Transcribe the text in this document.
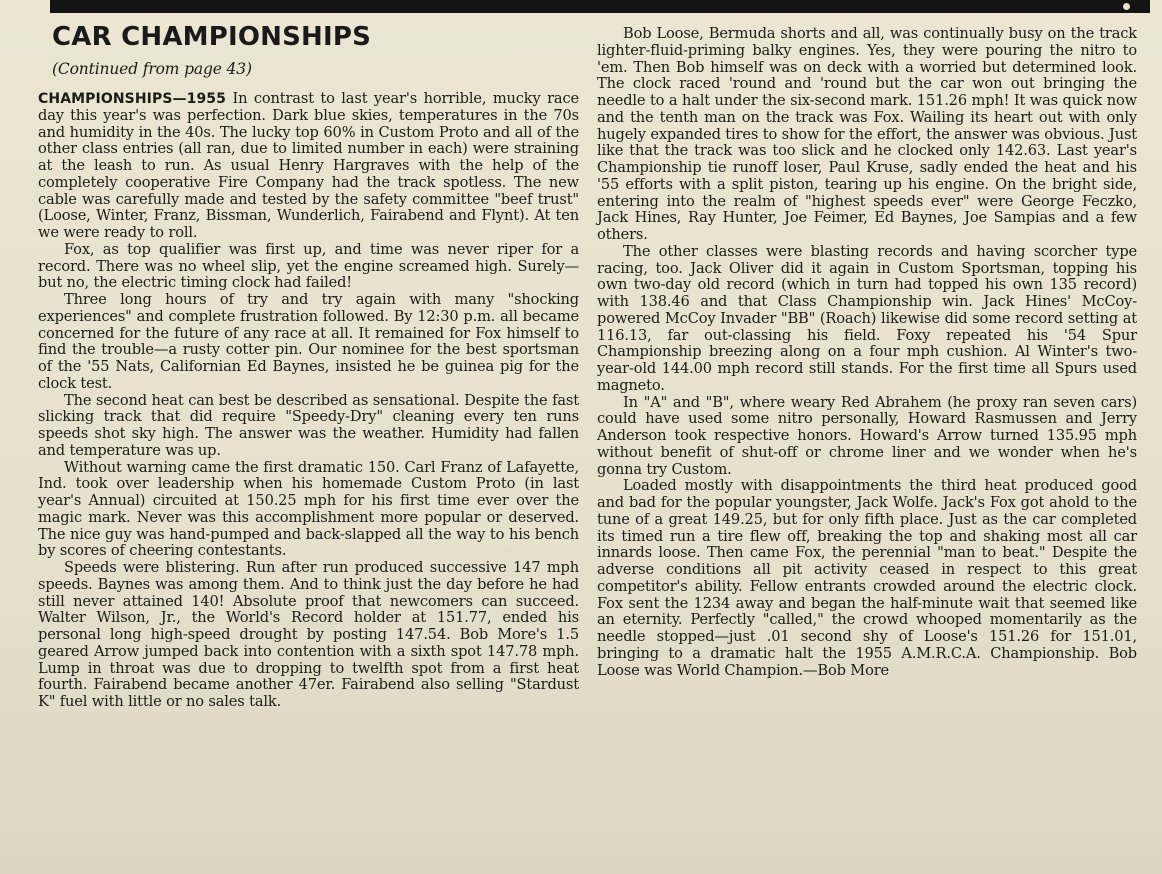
CAR CHAMPIONSHIPS
(Continued from page 43)

CHAMPIONSHIPS—1955 In contrast to last year's horrible, mucky race day this year's was perfection. Dark blue skies, temperatures in the 70s and humidity in the 40s. The lucky top 60% in Custom Proto and all of the other class entries (all ran, due to limited number in each) were straining at the leash to run. As usual Henry Hargraves with the help of the completely cooperative Fire Company had the track spotless. The new cable was carefully made and tested by the safety committee "beef trust" (Loose, Winter, Franz, Bissman, Wunderlich, Fairabend and Flynt). At ten we were ready to roll.

Fox, as top qualifier was first up, and time was never riper for a record. There was no wheel slip, yet the engine screamed high. Surely—but no, the electric timing clock had failed!

Three long hours of try and try again with many "shocking experiences" and complete frustration followed. By 12:30 p.m. all became concerned for the future of any race at all. It remained for Fox himself to find the trouble—a rusty cotter pin. Our nominee for the best sportsman of the '55 Nats, Californian Ed Baynes, insisted he be guinea pig for the clock test.

The second heat can best be described as sensational. Despite the fast slicking track that did require "Speedy-Dry" cleaning every ten runs speeds shot sky high. The answer was the weather. Humidity had fallen and temperature was up.

Without warning came the first dramatic 150. Carl Franz of Lafayette, Ind. took over leadership when his homemade Custom Proto (in last year's Annual) circuited at 150.25 mph for his first time ever over the magic mark. Never was this accomplishment more popular or deserved. The nice guy was hand-pumped and back-slapped all the way to his bench by scores of cheering contestants.

Speeds were blistering. Run after run produced successive 147 mph speeds. Baynes was among them. And to think just the day before he had still never attained 140! Absolute proof that newcomers can succeed. Walter Wilson, Jr., the World's Record holder at 151.77, ended his personal long high-speed drought by posting 147.54. Bob More's 1.5 geared Arrow jumped back into contention with a sixth spot 147.78 mph. Lump in throat was due to dropping to twelfth spot from a first heat fourth. Fairabend became another 47er. Fairabend also selling "Stardust K" fuel with little or no sales talk.

Bob Loose, Bermuda shorts and all, was continually busy on the track lighter-fluid-priming balky engines. Yes, they were pouring the nitro to 'em. Then Bob himself was on deck with a worried but determined look. The clock raced 'round and 'round but the car won out bringing the needle to a halt under the six-second mark. 151.26 mph! It was quick now and the tenth man on the track was Fox. Wailing its heart out with only hugely expanded tires to show for the effort, the answer was obvious. Just like that the track was too slick and he clocked only 142.63. Last year's Championship tie runoff loser, Paul Kruse, sadly ended the heat and his '55 efforts with a split piston, tearing up his engine. On the bright side, entering into the realm of "highest speeds ever" were George Feczko, Jack Hines, Ray Hunter, Joe Feimer, Ed Baynes, Joe Sampias and a few others.

The other classes were blasting records and having scorcher type racing, too. Jack Oliver did it again in Custom Sportsman, topping his own two-day old record (which in turn had topped his own 135 record) with 138.46 and that Class Championship win. Jack Hines' McCoy-powered McCoy Invader "BB" (Roach) likewise did some record setting at 116.13, far out-classing his field. Foxy repeated his '54 Spur Championship breezing along on a four mph cushion. Al Winter's two-year-old 144.00 mph record still stands. For the first time all Spurs used magneto.

In "A" and "B", where weary Red Abrahem (he proxy ran seven cars) could have used some nitro personally, Howard Rasmussen and Jerry Anderson took respective honors. Howard's Arrow turned 135.95 mph without benefit of shut-off or chrome liner and we wonder when he's gonna try Custom.

Loaded mostly with disappointments the third heat produced good and bad for the popular youngster, Jack Wolfe. Jack's Fox got ahold to the tune of a great 149.25, but for only fifth place. Just as the car completed its timed run a tire flew off, breaking the top and shaking most all car innards loose. Then came Fox, the perennial "man to beat." Despite the adverse conditions all pit activity ceased in respect to this great competitor's ability. Fellow entrants crowded around the electric clock. Fox sent the 1234 away and began the half-minute wait that seemed like an eternity. Perfectly "called," the crowd whooped momentarily as the needle stopped—just .01 second shy of Loose's 151.26 for 151.01, bringing to a dramatic halt the 1955 A.M.R.C.A. Championship. Bob Loose was World Champion.—Bob More
